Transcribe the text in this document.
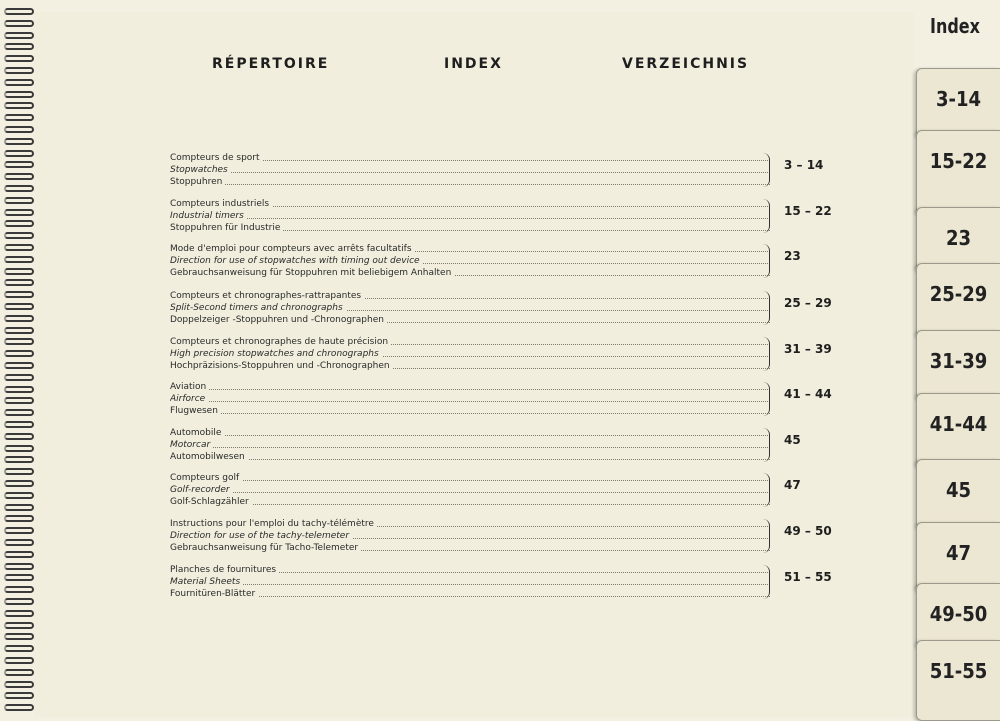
RÉPERTOIRE	INDEX	VERZEICHNIS
Compteurs de sport
Stopwatches
Stoppuhren
3 – 14
Compteurs industriels
Industrial timers
Stoppuhren für Industrie
15 – 22
Mode d'emploi pour compteurs avec arrêts facultatifs
Direction for use of stopwatches with timing out device
Gebrauchsanweisung für Stoppuhren mit beliebigem Anhalten
23
Compteurs et chronographes-rattrapantes
Split-Second timers and chronographs
Doppelzeiger -Stoppuhren und -Chronographen
25 – 29
Compteurs et chronographes de haute précision
High precision stopwatches and chronographs
Hochpräzisions-Stoppuhren und -Chronographen
31 – 39
Aviation
Airforce
Flugwesen
41 – 44
Automobile
Motorcar
Automobilwesen
45
Compteurs golf
Golf-recorder
Golf-Schlagzähler
47
Instructions pour l'emploi du tachy-télémètre
Direction for use of the tachy-telemeter
Gebrauchsanweisung für Tacho-Telemeter
49 – 50
Planches de fournitures
Material Sheets
Fournitüren-Blätter
51 – 55
Index
3-14
15-22
23
25-29
31-39
41-44
45
47
49-50
51-55
